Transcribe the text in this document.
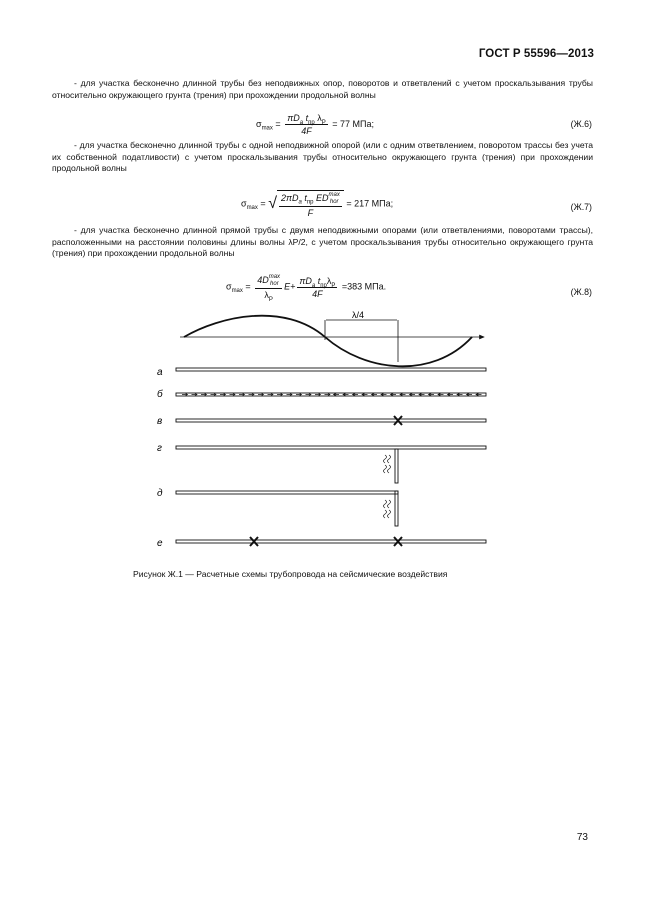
ГОСТ Р 55596—2013
- для участка бесконечно длинной трубы без неподвижных опор, поворотов и ответвлений с учетом проскальзывания трубы относительно окружающего грунта (трения) при прохождении продольной волны
$\sigma_{max} = \frac{\pi D_a t_{пр} \lambda_P}{4F} = 77$ МПа;	(Ж.6)
- для участка бесконечно длинной трубы с одной неподвижной опорой (или с одним ответвлением, поворотом трассы без учета их собственной податливости) с учетом проскальзывания трубы относительно окружающего грунта (трения) при прохождении продольной волны
$\sigma_{max}$ = √ $2\pi D_a$ $t_{пр}$ ED max
hor
F = 217 МПа;	(Ж.7)
- для участка бесконечно длинной прямой трубы с двумя неподвижными опорами (или ответвлениями, поворотами трассы), расположенными на расстоянии половины длины волны λP/2, с учетом проскальзывания трубы относительно окружающего грунта (трения) при прохождении продольной волны
$\sigma_{max} = 4D$ max
hor
$\lambda_P$ $E+ \frac{\pi D_a t_{пр}\lambda_P}{4F} =383$ МПа.
(Ж.8)
λ/4
а
б
в
г
д
е
Рисунок Ж.1 — Расчетные схемы трубопровода на сейсмические воздействия
73
